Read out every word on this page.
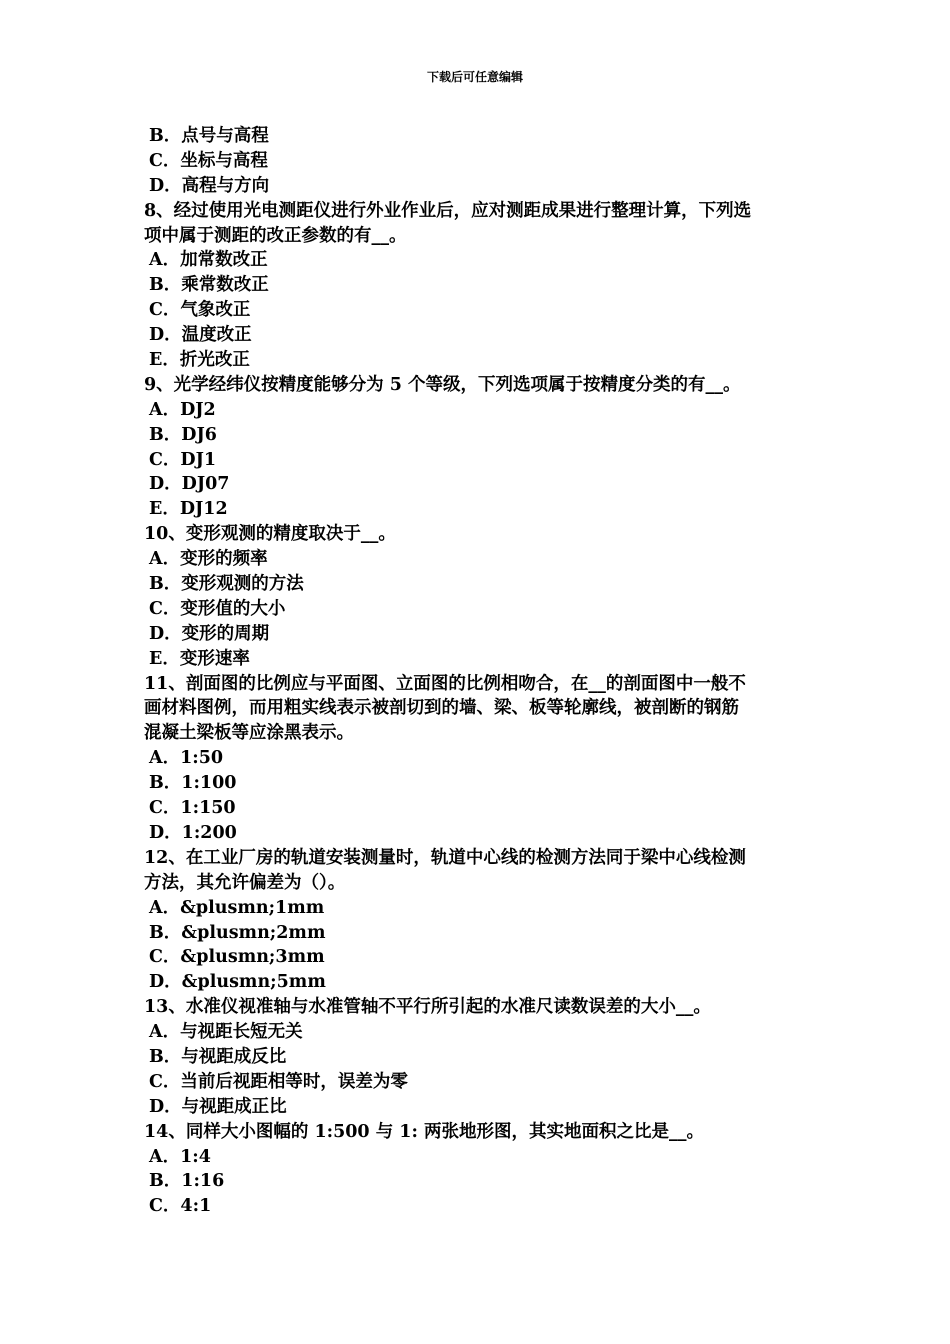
下载后可任意编辑
B．点号与高程
C．坐标与高程
D．高程与方向
8、经过使用光电测距仪进行外业作业后，应对测距成果进行整理计算，下列选
项中属于测距的改正参数的有__。
A．加常数改正
B．乘常数改正
C．气象改正
D．温度改正
E．折光改正
9、光学经纬仪按精度能够分为 5 个等级，下列选项属于按精度分类的有__。
A．DJ2
B．DJ6
C．DJ1
D．DJ07
E．DJ12
10、变形观测的精度取决于__。
A．变形的频率
B．变形观测的方法
C．变形值的大小
D．变形的周期
E．变形速率
11、剖面图的比例应与平面图、立面图的比例相吻合，在__的剖面图中一般不
画材料图例，而用粗实线表示被剖切到的墙、梁、板等轮廓线，被剖断的钢筋
混凝土梁板等应涂黑表示。
A．1:50
B．1:100
C．1:150
D．1:200
12、在工业厂房的轨道安装测量时，轨道中心线的检测方法同于梁中心线检测
方法，其允许偏差为（）。
A．&plusmn;1mm
B．&plusmn;2mm
C．&plusmn;3mm
D．&plusmn;5mm
13、水准仪视准轴与水准管轴不平行所引起的水准尺读数误差的大小__。
A．与视距长短无关
B．与视距成反比
C．当前后视距相等时，误差为零
D．与视距成正比
14、同样大小图幅的 1:500 与 1: 两张地形图，其实地面积之比是__。
A．1:4
B．1:16
C．4:1
